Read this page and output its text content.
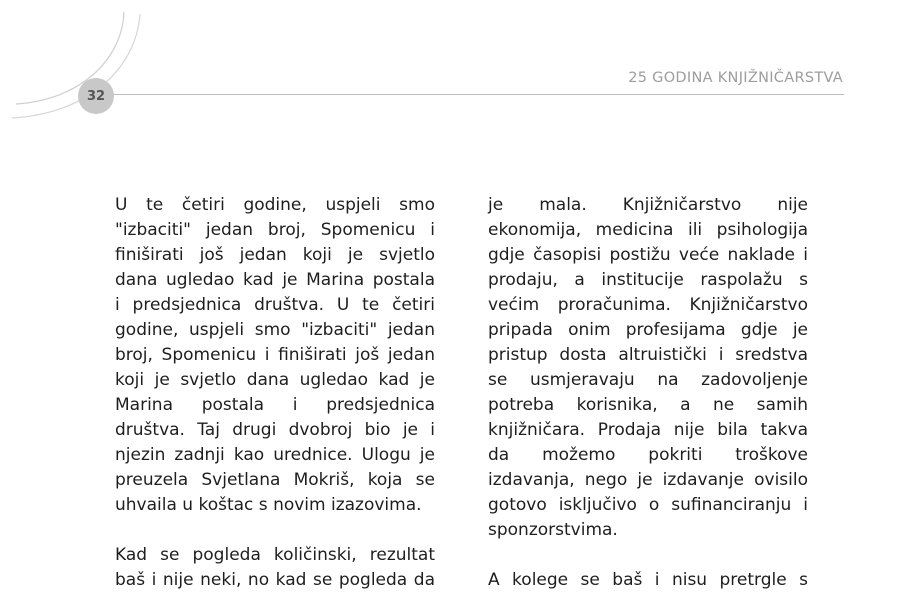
32
25 GODINA KNJIŽNIČARSTVA
U te četiri godine, uspjeli smo
"izbaciti" jedan broj, Spomenicu i
finiširati još jedan koji je svjetlo
dana ugledao kad je Marina postala
i predsjednica društva. U te četiri
godine, uspjeli smo "izbaciti" jedan
broj, Spomenicu i finiširati još jedan
koji je svjetlo dana ugledao kad je
Marina postala i predsjednica
društva. Taj drugi dvobroj bio je i
njezin zadnji kao urednice. Ulogu je
preuzela Svjetlana Mokriš, koja se
uhvaila u koštac s novim izazovima.
Kad se pogleda količinski, rezultat
baš i nije neki, no kad se pogleda da
je mala. Knjižničarstvo nije
ekonomija, medicina ili psihologija
gdje časopisi postižu veće naklade i
prodaju, a institucije raspolažu s
većim proračunima. Knjižničarstvo
pripada onim profesijama gdje je
pristup dosta altruistički i sredstva
se usmjeravaju na zadovoljenje
potreba korisnika, a ne samih
knjižničara. Prodaja nije bila takva
da možemo pokriti troškove
izdavanja, nego je izdavanje ovisilo
gotovo isključivo o sufinanciranju i
sponzorstvima.
A kolege se baš i nisu pretrgle s
